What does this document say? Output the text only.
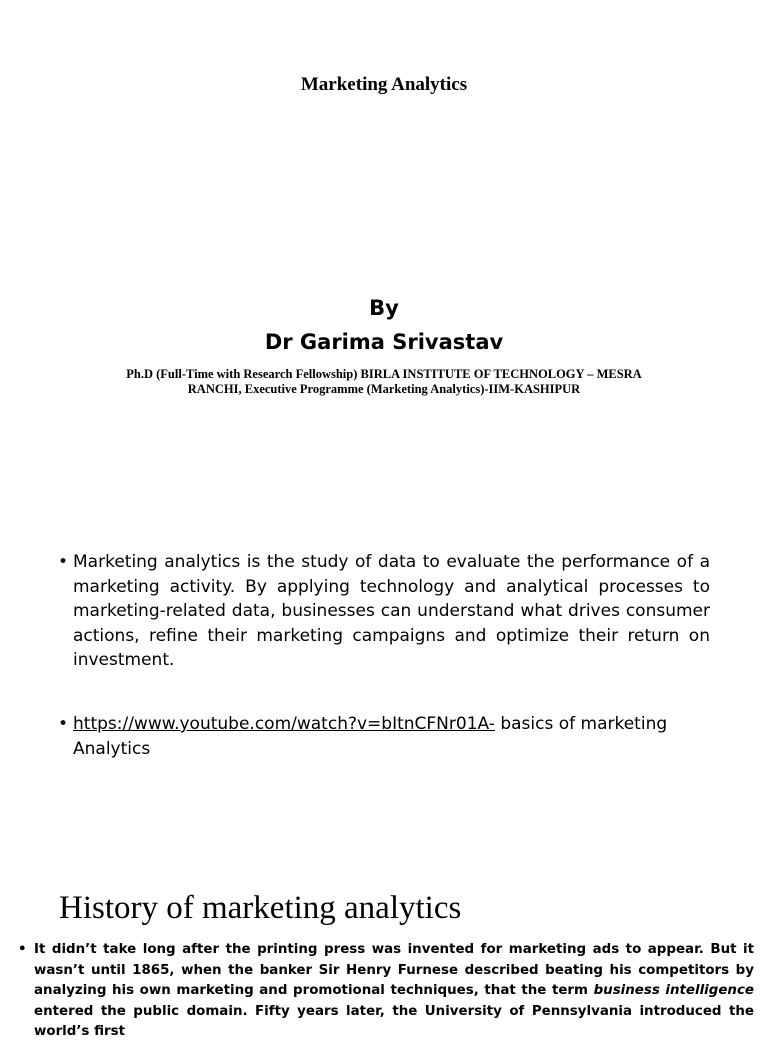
Marketing Analytics
By
Dr Garima Srivastav
Ph.D (Full-Time with Research Fellowship) BIRLA INSTITUTE OF TECHNOLOGY – MESRA RANCHI, Executive Programme (Marketing Analytics)-IIM-KASHIPUR
• Marketing analytics is the study of data to evaluate the performance of a marketing activity. By applying technology and analytical processes to marketing-related data, businesses can understand what drives consumer actions, refine their marketing campaigns and optimize their return on investment.
• https://www.youtube.com/watch?v=bItnCFNr01A- basics of marketing Analytics
History of marketing analytics
• It didn’t take long after the printing press was invented for marketing ads to appear. But it wasn’t until 1865, when the banker Sir Henry Furnese described beating his competitors by analyzing his own marketing and promotional techniques, that the term business intelligence entered the public domain. Fifty years later, the University of Pennsylvania introduced the world’s first
